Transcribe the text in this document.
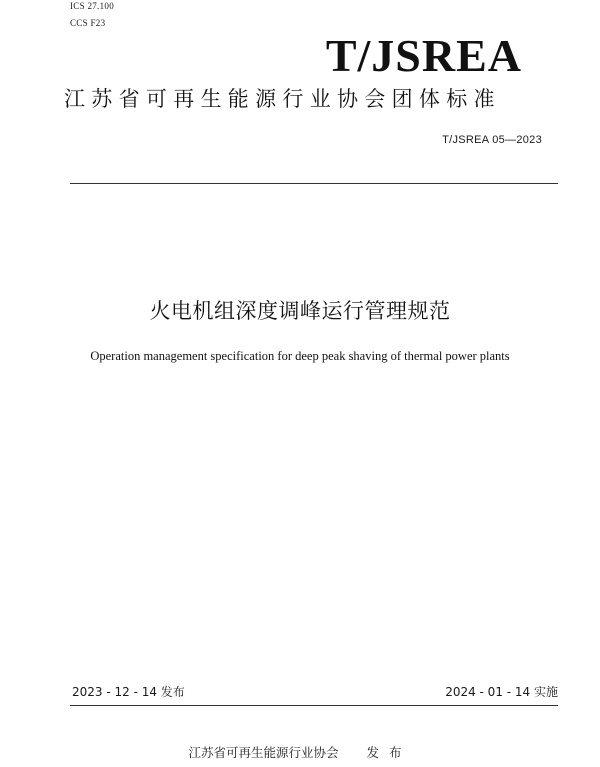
ICS 27.100
CCS F23
T/JSREA
江苏省可再生能源行业协会团体标准
T/JSREA 05—2023
火电机组深度调峰运行管理规范
Operation management specification for deep peak shaving of thermal power plants
2023 - 12 - 14 发布	2024 - 01 - 14 实施
江苏省可再生能源行业协会 发布
